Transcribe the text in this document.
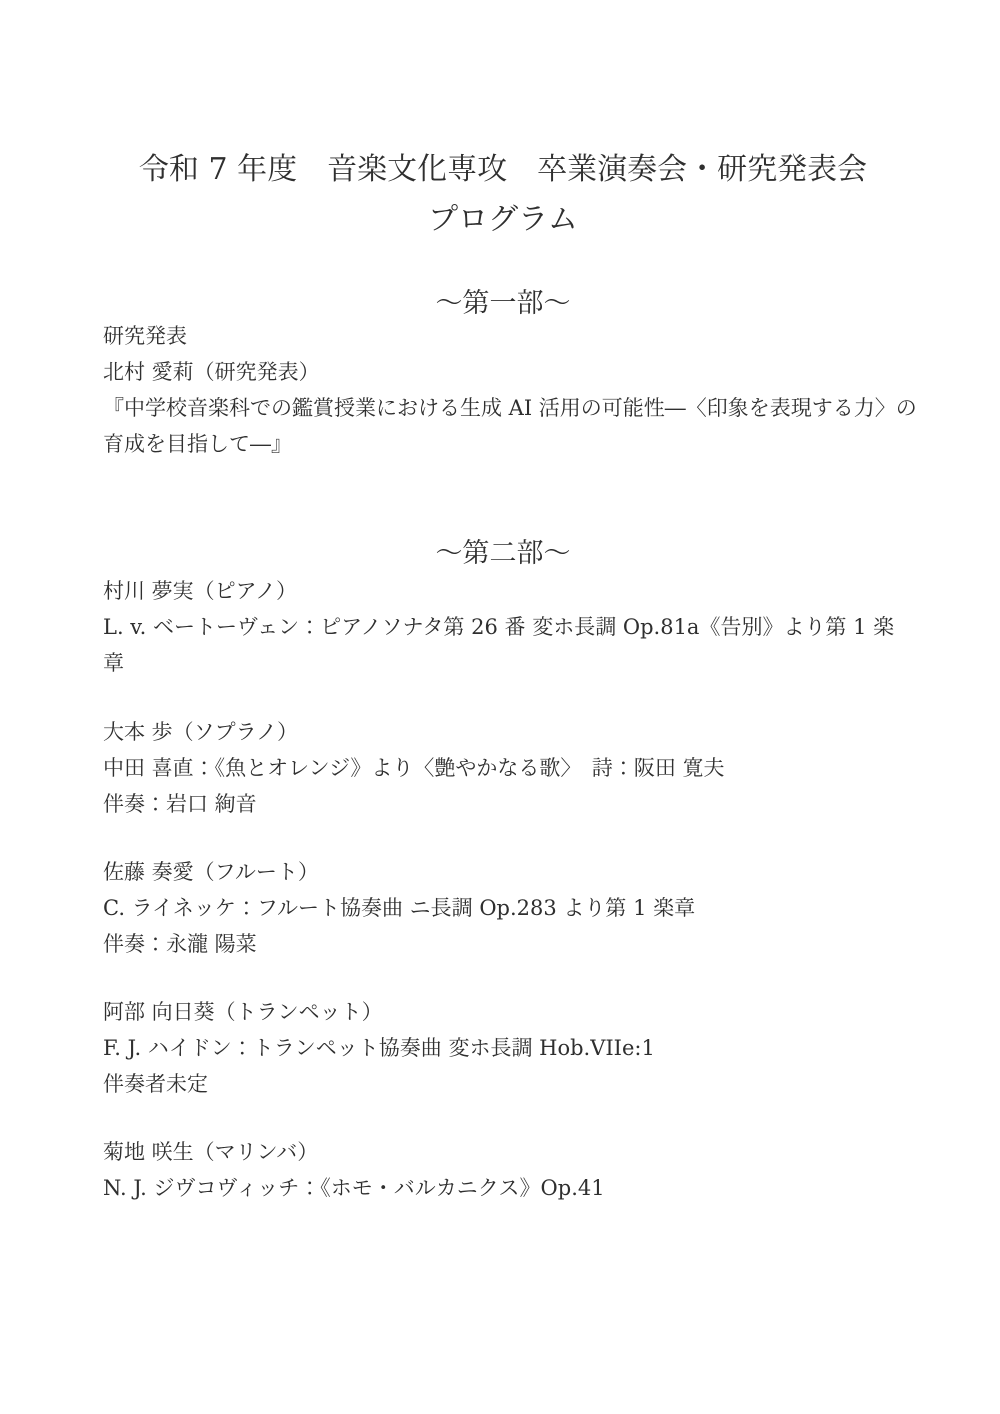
令和 7 年度　音楽文化専攻　卒業演奏会・研究発表会
プログラム
～第一部～
研究発表
北村 愛莉（研究発表）
『中学校音楽科での鑑賞授業における生成 AI 活用の可能性―〈印象を表現する力〉の
育成を目指して―』
～第二部～
村川 夢実（ピアノ）
L. v. ベートーヴェン：ピアノソナタ第 26 番 変ホ長調 Op.81a《告別》より第 1 楽
章
大本 歩（ソプラノ）
中田 喜直：《魚とオレンジ》より〈艶やかなる歌〉　詩：阪田 寛夫
伴奏：岩口 絢音
佐藤 奏愛（フルート）
C. ライネッケ：フルート協奏曲 ニ長調 Op.283 より第 1 楽章
伴奏：永瀧 陽菜
阿部 向日葵（トランペット）
F. J. ハイドン：トランペット協奏曲 変ホ長調 Hob.VIIe:1
伴奏者未定
菊地 咲生（マリンバ）
N. J. ジヴコヴィッチ：《ホモ・バルカニクス》Op.41
